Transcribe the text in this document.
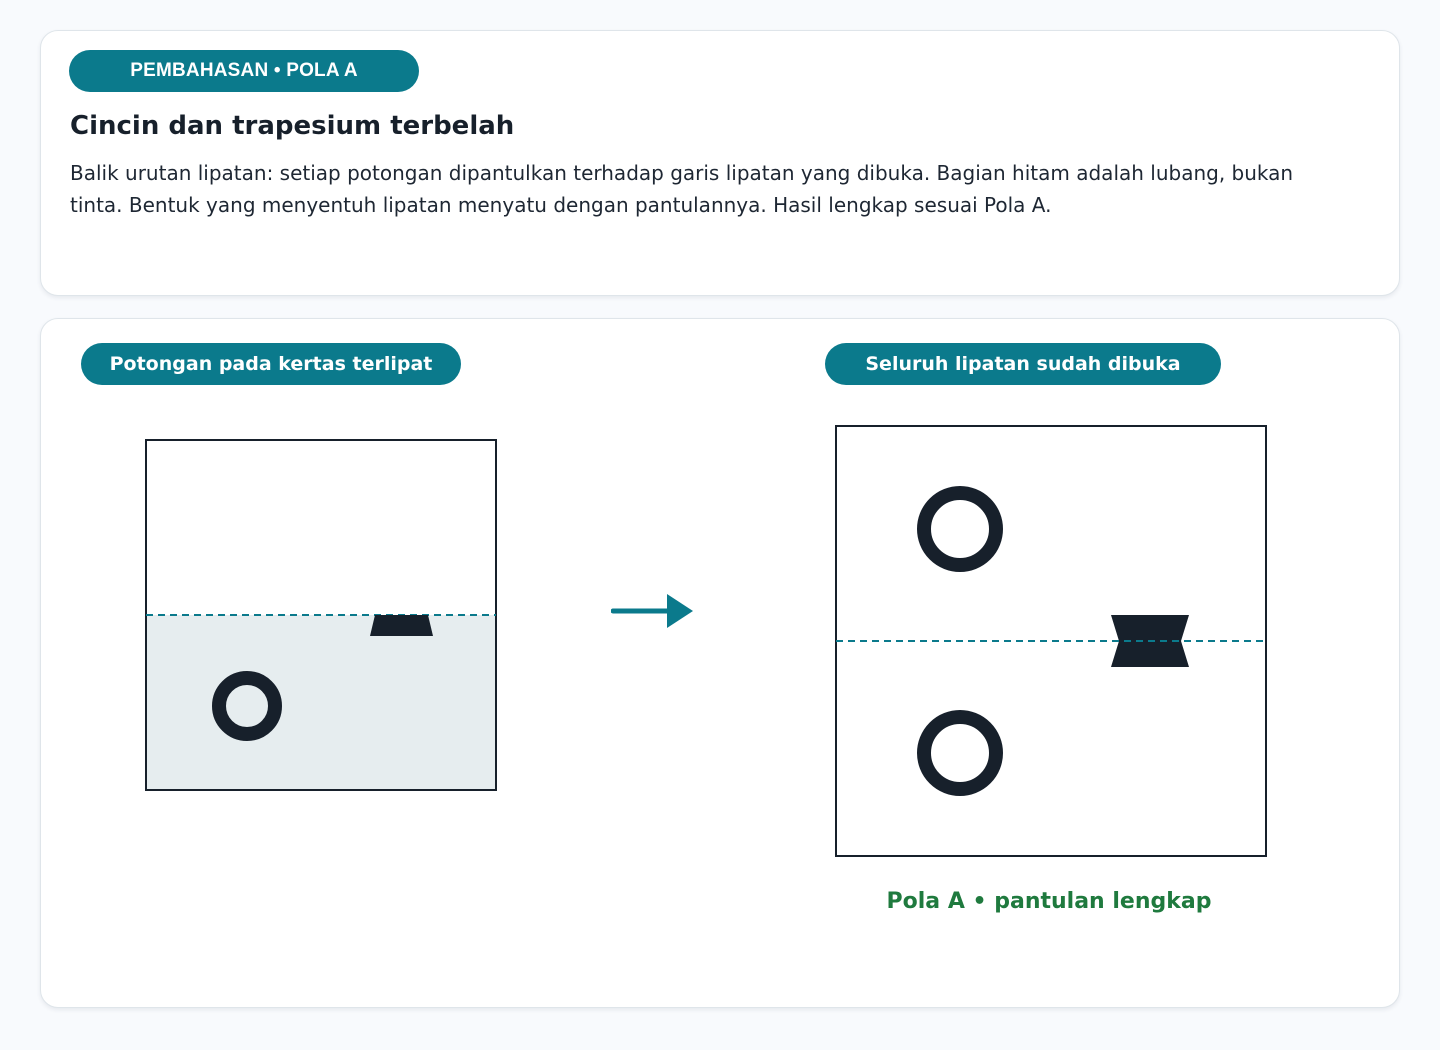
PEMBAHASAN • POLA A
Cincin dan trapesium terbelah

Balik urutan lipatan: setiap potongan dipantulkan terhadap garis lipatan yang dibuka. Bagian hitam adalah lubang, bukan tinta. Bentuk yang menyentuh lipatan menyatu dengan pantulannya. Hasil lengkap sesuai Pola A.

Potongan pada kertas terlipat	Seluruh lipatan sudah dibuka
Pola A • pantulan lengkap
